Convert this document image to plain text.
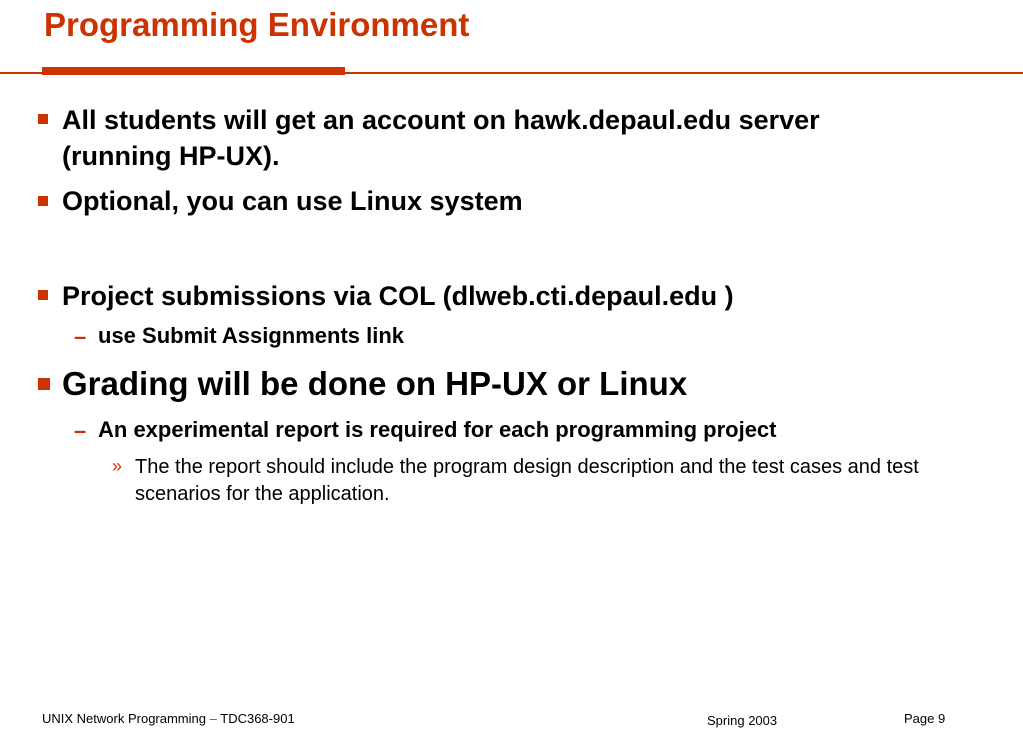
Programming Environment
All students will get an account on hawk.depaul.edu server (running HP-UX).
Optional, you can use Linux system
Project submissions via COL (dlweb.cti.depaul.edu )
– use Submit Assignments link
Grading will be done on HP-UX or Linux
– An experimental report is required for each programming project
» The the report should include the program design description and the test cases and test scenarios for the application.
UNIX Network Programming – TDC368-901	Spring 2003	Page 9
